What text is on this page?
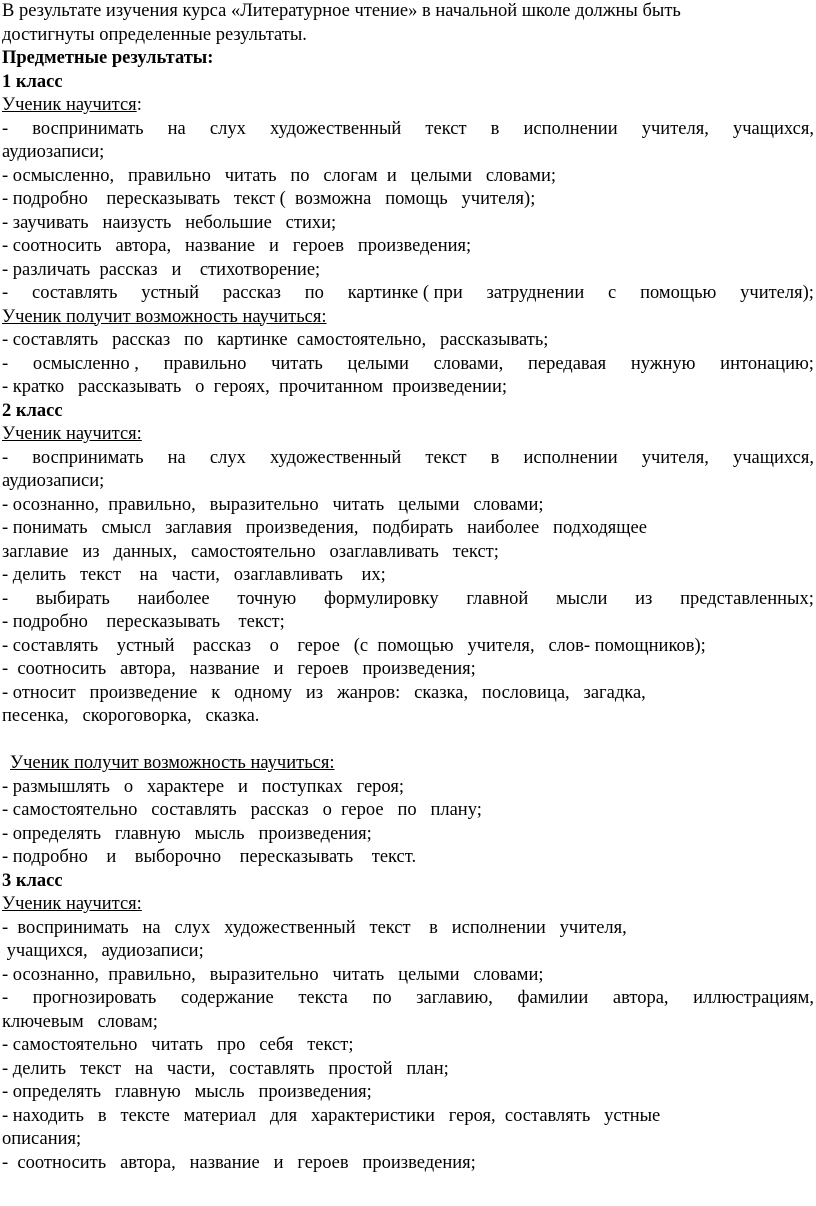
В результате изучения курса «Литературное чтение» в начальной школе должны быть
достигнуты определенные результаты.
Предметные результаты:
1 класс
Ученик научится:
- воспринимать на слух художественный текст в исполнении учителя, учащихся,
аудиозаписи;
- осмысленно,   правильно   читать   по   слогам  и   целыми   словами;
- подробно    пересказывать   текст (  возможна   помощь   учителя);
- заучивать   наизусть   небольшие   стихи;
- соотносить   автора,   название   и   героев   произведения;
- различать  рассказ   и    стихотворение;
- составлять устный рассказ по картинке ( при затруднении с помощью учителя);
Ученик получит возможность научиться:
- составлять   рассказ   по   картинке  самостоятельно,   рассказывать;
- осмысленно , правильно читать целыми словами, передавая нужную интонацию;
- кратко   рассказывать   о  героях,  прочитанном  произведении;
2 класс
Ученик научится:
- воспринимать на слух художественный текст в исполнении учителя, учащихся,
аудиозаписи;
- осознанно,  правильно,   выразительно   читать   целыми   словами;
- понимать   смысл   заглавия   произведения,   подбирать   наиболее   подходящее
заглавие   из   данных,   самостоятельно   озаглавливать   текст;
- делить   текст    на   части,   озаглавливать    их;
- выбирать наиболее точную формулировку главной мысли из представленных;
- подробно    пересказывать    текст;
- составлять    устный    рассказ    о    герое   (с  помощью   учителя,   слов- помощников);
-  соотносить   автора,   название   и   героев   произведения;
- относит   произведение   к   одному   из   жанров:   сказка,   пословица,   загадка,
песенка,   скороговорка,   сказка.
Ученик получит возможность научиться:
- размышлять   о   характере   и   поступках   героя;
- самостоятельно   составлять   рассказ   о  герое   по   плану;
- определять   главную   мысль   произведения;
- подробно    и    выборочно    пересказывать    текст.
3 класс
Ученик научится:
-  воспринимать   на   слух   художественный   текст    в   исполнении   учителя,
учащихся,   аудиозаписи;
- осознанно,  правильно,   выразительно   читать   целыми   словами;
- прогнозировать содержание текста по заглавию, фамилии автора, иллюстрациям,
ключевым   словам;
- самостоятельно   читать   про   себя   текст;
- делить   текст   на   части,   составлять   простой   план;
- определять   главную   мысль   произведения;
- находить   в   тексте   материал   для   характеристики   героя,  составлять   устные
описания;
-  соотносить   автора,   название   и   героев   произведения;
